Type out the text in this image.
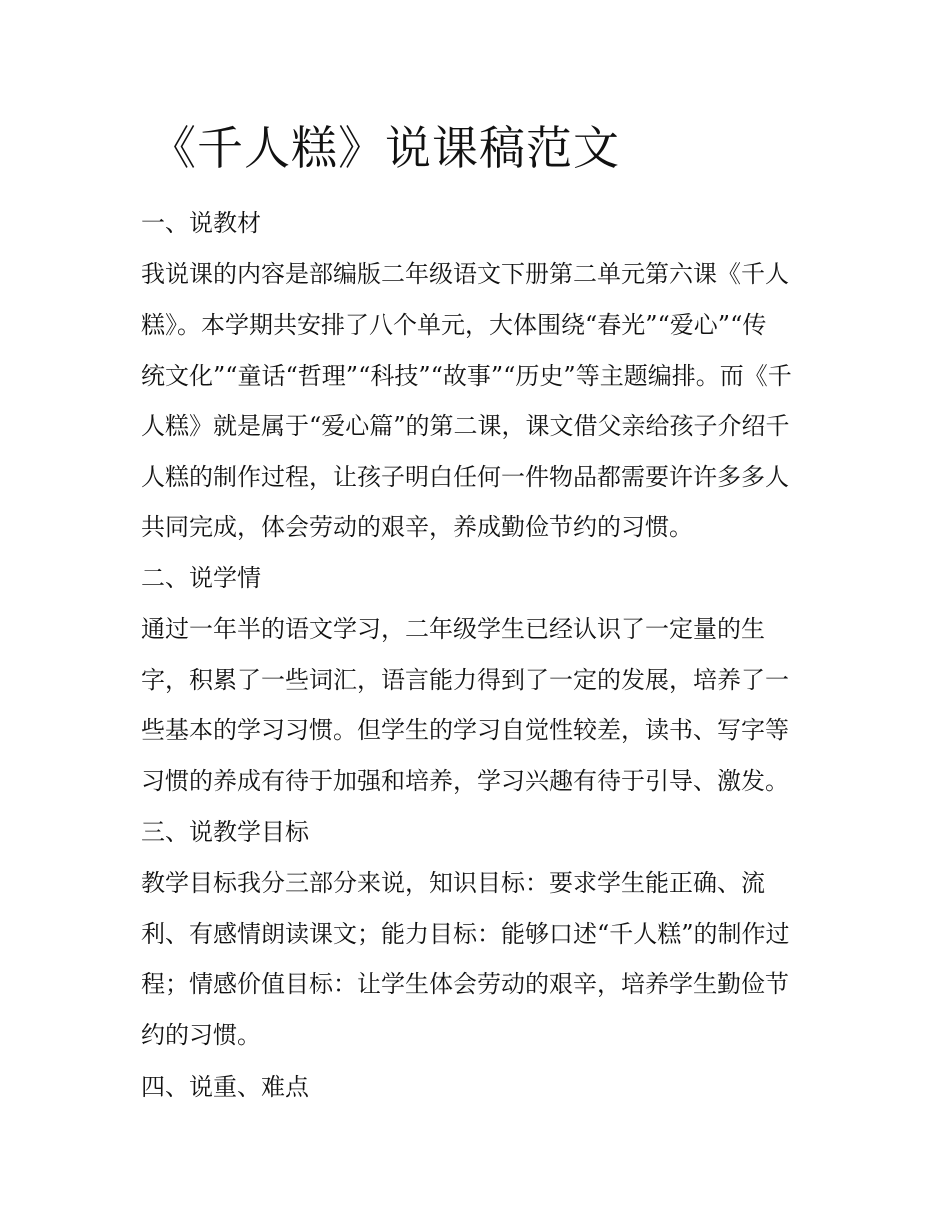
《千人糕》说课稿范文

一、说教材

我说课的内容是部编版二年级语文下册第二单元第六课《千人

糕》。本学期共安排了八个单元，大体围绕“春光”“爱心”“传

统文化”“童话“哲理”“科技”“故事”“历史”等主题编排。而《千

人糕》就是属于“爱心篇”的第二课，课文借父亲给孩子介绍千

人糕的制作过程，让孩子明白任何一件物品都需要许许多多人

共同完成，体会劳动的艰辛，养成勤俭节约的习惯。

二、说学情

通过一年半的语文学习，二年级学生已经认识了一定量的生

字，积累了一些词汇，语言能力得到了一定的发展，培养了一

些基本的学习习惯。但学生的学习自觉性较差，读书、写字等

习惯的养成有待于加强和培养，学习兴趣有待于引导、激发。

三、说教学目标

教学目标我分三部分来说，知识目标：要求学生能正确、流

利、有感情朗读课文；能力目标：能够口述“千人糕”的制作过

程；情感价值目标：让学生体会劳动的艰辛，培养学生勤俭节

约的习惯。

四、说重、难点
